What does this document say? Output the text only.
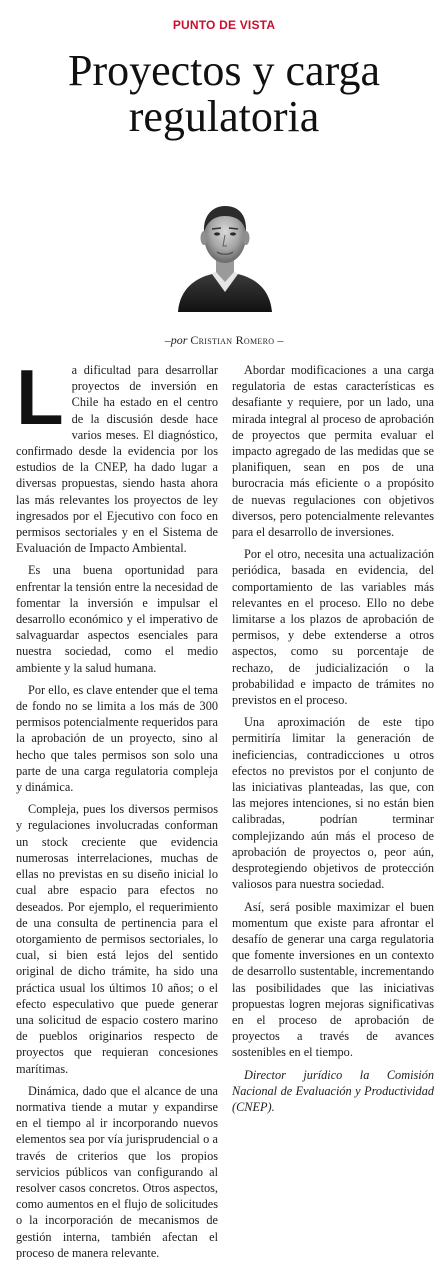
PUNTO DE VISTA
Proyectos y carga regulatoria
–por Cristian Romero –

La dificultad para desarrollar proyectos de inversión en Chile ha estado en el centro de la discusión desde hace varios meses. El diagnóstico, confirmado desde la evidencia por los estudios de la CNEP, ha dado lugar a diversas propuestas, siendo hasta ahora las más relevantes los proyectos de ley ingresados por el Ejecutivo con foco en permisos sectoriales y en el Sistema de Evaluación de Impacto Ambiental.

Es una buena oportunidad para enfrentar la tensión entre la necesidad de fomentar la inversión e impulsar el desarrollo económico y el imperativo de salvaguardar aspectos esenciales para nuestra sociedad, como el medio ambiente y la salud humana.

Por ello, es clave entender que el tema de fondo no se limita a los más de 300 permisos potencialmente requeridos para la aprobación de un proyecto, sino al hecho que tales permisos son solo una parte de una carga regulatoria compleja y dinámica.

Compleja, pues los diversos permisos y regulaciones involucradas conforman un stock creciente que evidencia numerosas interrelaciones, muchas de ellas no previstas en su diseño inicial lo cual abre espacio para efectos no deseados. Por ejemplo, el requerimiento de una consulta de pertinencia para el otorgamiento de permisos sectoriales, lo cual, si bien está lejos del sentido original de dicho trámite, ha sido una práctica usual los últimos 10 años; o el efecto especulativo que puede generar una solicitud de espacio costero marino de pueblos originarios respecto de proyectos que requieran concesiones marítimas.

Dinámica, dado que el alcance de una normativa tiende a mutar y expandirse en el tiempo al ir incorporando nuevos elementos sea por vía jurisprudencial o a través de criterios que los propios servicios públicos van configurando al resolver casos concretos. Otros aspectos, como aumentos en el flujo de solicitudes o la incorporación de mecanismos de gestión interna, también afectan el proceso de manera relevante.

Abordar modificaciones a una carga regulatoria de estas características es desafiante y requiere, por un lado, una mirada integral al proceso de aprobación de proyectos que permita evaluar el impacto agregado de las medidas que se planifiquen, sean en pos de una burocracia más eficiente o a propósito de nuevas regulaciones con objetivos diversos, pero potencialmente relevantes para el desarrollo de inversiones.

Por el otro, necesita una actualización periódica, basada en evidencia, del comportamiento de las variables más relevantes en el proceso. Ello no debe limitarse a los plazos de aprobación de permisos, y debe extenderse a otros aspectos, como su porcentaje de rechazo, de judicialización o la probabilidad e impacto de trámites no previstos en el proceso.

Una aproximación de este tipo permitiría limitar la generación de ineficiencias, contradicciones u otros efectos no previstos por el conjunto de las iniciativas planteadas, las que, con las mejores intenciones, si no están bien calibradas, podrían terminar complejizando aún más el proceso de aprobación de proyectos o, peor aún, desprotegiendo objetivos de protección valiosos para nuestra sociedad.

Así, será posible maximizar el buen momentum que existe para afrontar el desafío de generar una carga regulatoria que fomente inversiones en un contexto de desarrollo sustentable, incrementando las posibilidades que las iniciativas propuestas logren mejoras significativas en el proceso de aprobación de proyectos a través de avances sostenibles en el tiempo.

Director jurídico la Comisión Nacional de Evaluación y Productividad (CNEP).
